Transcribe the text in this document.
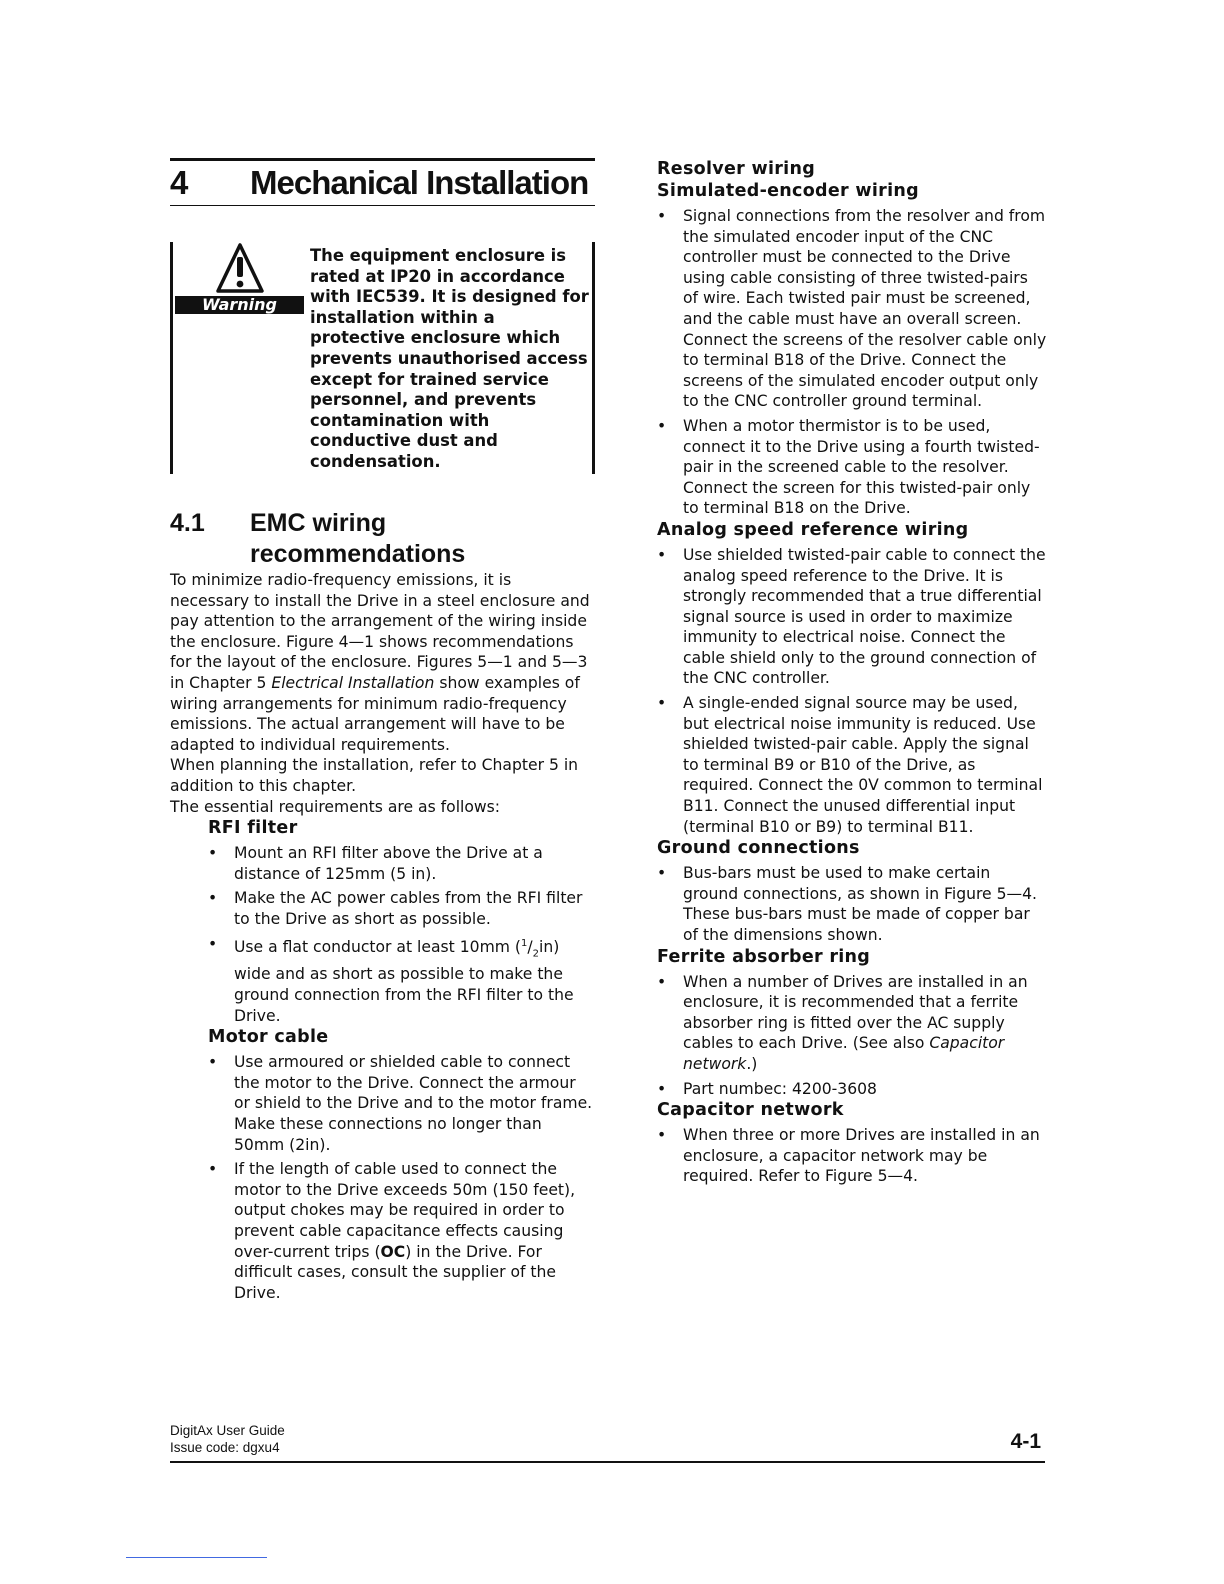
4	Mechanical Installation
Warning
The equipment enclosure is rated at IP20 in accordance with IEC539. It is designed for installation within a protective enclosure which prevents unauthorised access except for trained service personnel, and prevents contamination with conductive dust and condensation.
4.1	EMC wiring recommendations

To minimize radio-frequency emissions, it is necessary to install the Drive in a steel enclosure and pay attention to the arrangement of the wiring inside the enclosure. Figure 4—1 shows recommendations for the layout of the enclosure. Figures 5—1 and 5—3 in Chapter 5 Electrical Installation show examples of wiring arrangements for minimum radio-frequency emissions. The actual arrangement will have to be adapted to individual requirements.

When planning the installation, refer to Chapter 5 in addition to this chapter.

The essential requirements are as follows:

RFI filter
• Mount an RFI filter above the Drive at a distance of 125mm (5 in).
• Make the AC power cables from the RFI filter to the Drive as short as possible.
• Use a flat conductor at least 10mm $(^1/_2in)$ wide and as short as possible to make the ground connection from the RFI filter to the Drive.
Motor cable
• Use armoured or shielded cable to connect the motor to the Drive. Connect the armour or shield to the Drive and to the motor frame. Make these connections no longer than 50mm (2in).
• If the length of cable used to connect the motor to the Drive exceeds 50m (150 feet), output chokes may be required in order to prevent cable capacitance effects causing over-current trips (OC) in the Drive. For difficult cases, consult the supplier of the Drive.
Resolver wiring
Simulated-encoder wiring
• Signal connections from the resolver and from the simulated encoder input of the CNC controller must be connected to the Drive using cable consisting of three twisted-pairs of wire. Each twisted pair must be screened, and the cable must have an overall screen. Connect the screens of the resolver cable only to terminal B18 of the Drive. Connect the screens of the simulated encoder output only to the CNC controller ground terminal.
• When a motor thermistor is to be used, connect it to the Drive using a fourth twisted-pair in the screened cable to the resolver. Connect the screen for this twisted-pair only to terminal B18 on the Drive.
Analog speed reference wiring
• Use shielded twisted-pair cable to connect the analog speed reference to the Drive. It is strongly recommended that a true differential signal source is used in order to maximize immunity to electrical noise. Connect the cable shield only to the ground connection of the CNC controller.
• A single-ended signal source may be used, but electrical noise immunity is reduced. Use shielded twisted-pair cable. Apply the signal to terminal B9 or B10 of the Drive, as required. Connect the 0V common to terminal B11. Connect the unused differential input (terminal B10 or B9) to terminal B11.
Ground connections
• Bus-bars must be used to make certain ground connections, as shown in Figure 5—4. These bus-bars must be made of copper bar of the dimensions shown.
Ferrite absorber ring
• When a number of Drives are installed in an enclosure, it is recommended that a ferrite absorber ring is fitted over the AC supply cables to each Drive. (See also Capacitor network.)
• Part numbec: 4200-3608
Capacitor network
• When three or more Drives are installed in an enclosure, a capacitor network may be required. Refer to Figure 5—4.
DigitAx User Guide
Issue code: dgxu4	4-1
